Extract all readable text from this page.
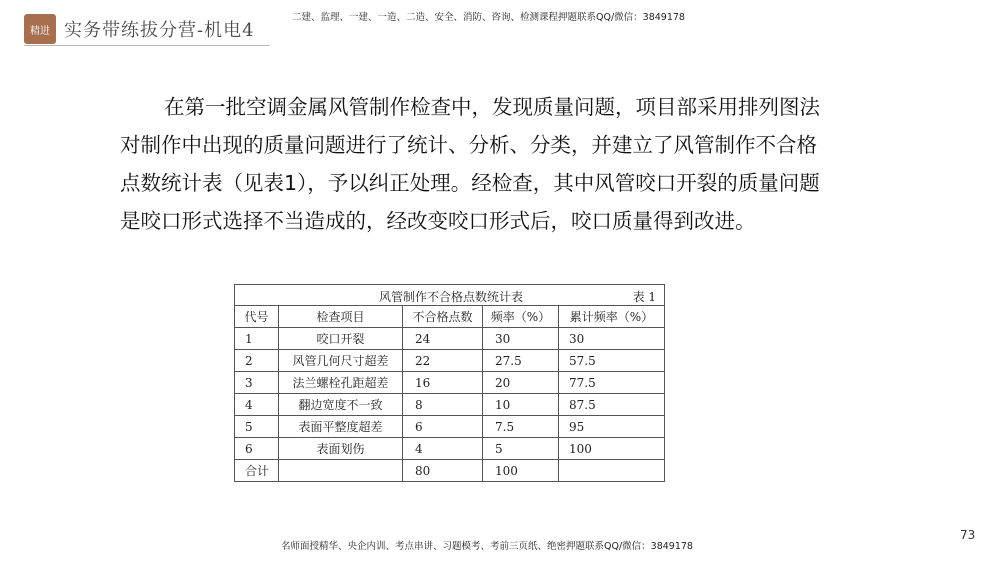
精进 实务带练拔分营-机电4
二建、监理、一建、一造、二造、安全、消防、咨询、检测课程押题联系QQ/微信：3849178

在第一批空调金属风管制作检查中，发现质量问题，项目部采用排列图法对制作中出现的质量问题进行了统计、分析、分类，并建立了风管制作不合格点数统计表（见表1），予以纠正处理。经检查，其中风管咬口开裂的质量问题是咬口形式选择不当造成的，经改变咬口形式后，咬口质量得到改进。

风管制作不合格点数统计表 表 1				

代号	检查项目	不合格点数	频率（%）	累计频率（%）
1	咬口开裂	24	30	30
2	风管几何尺寸超差	22	27.5	57.5
3	法兰螺栓孔距超差	16	20	77.5
4	翻边宽度不一致	8	10	87.5
5	表面平整度超差	6	7.5	95
6	表面划伤	4	5	100
合计		80	100	
名师面授精华、央企内训、考点串讲、习题模考、考前三页纸、绝密押题联系QQ/微信：3849178
73
